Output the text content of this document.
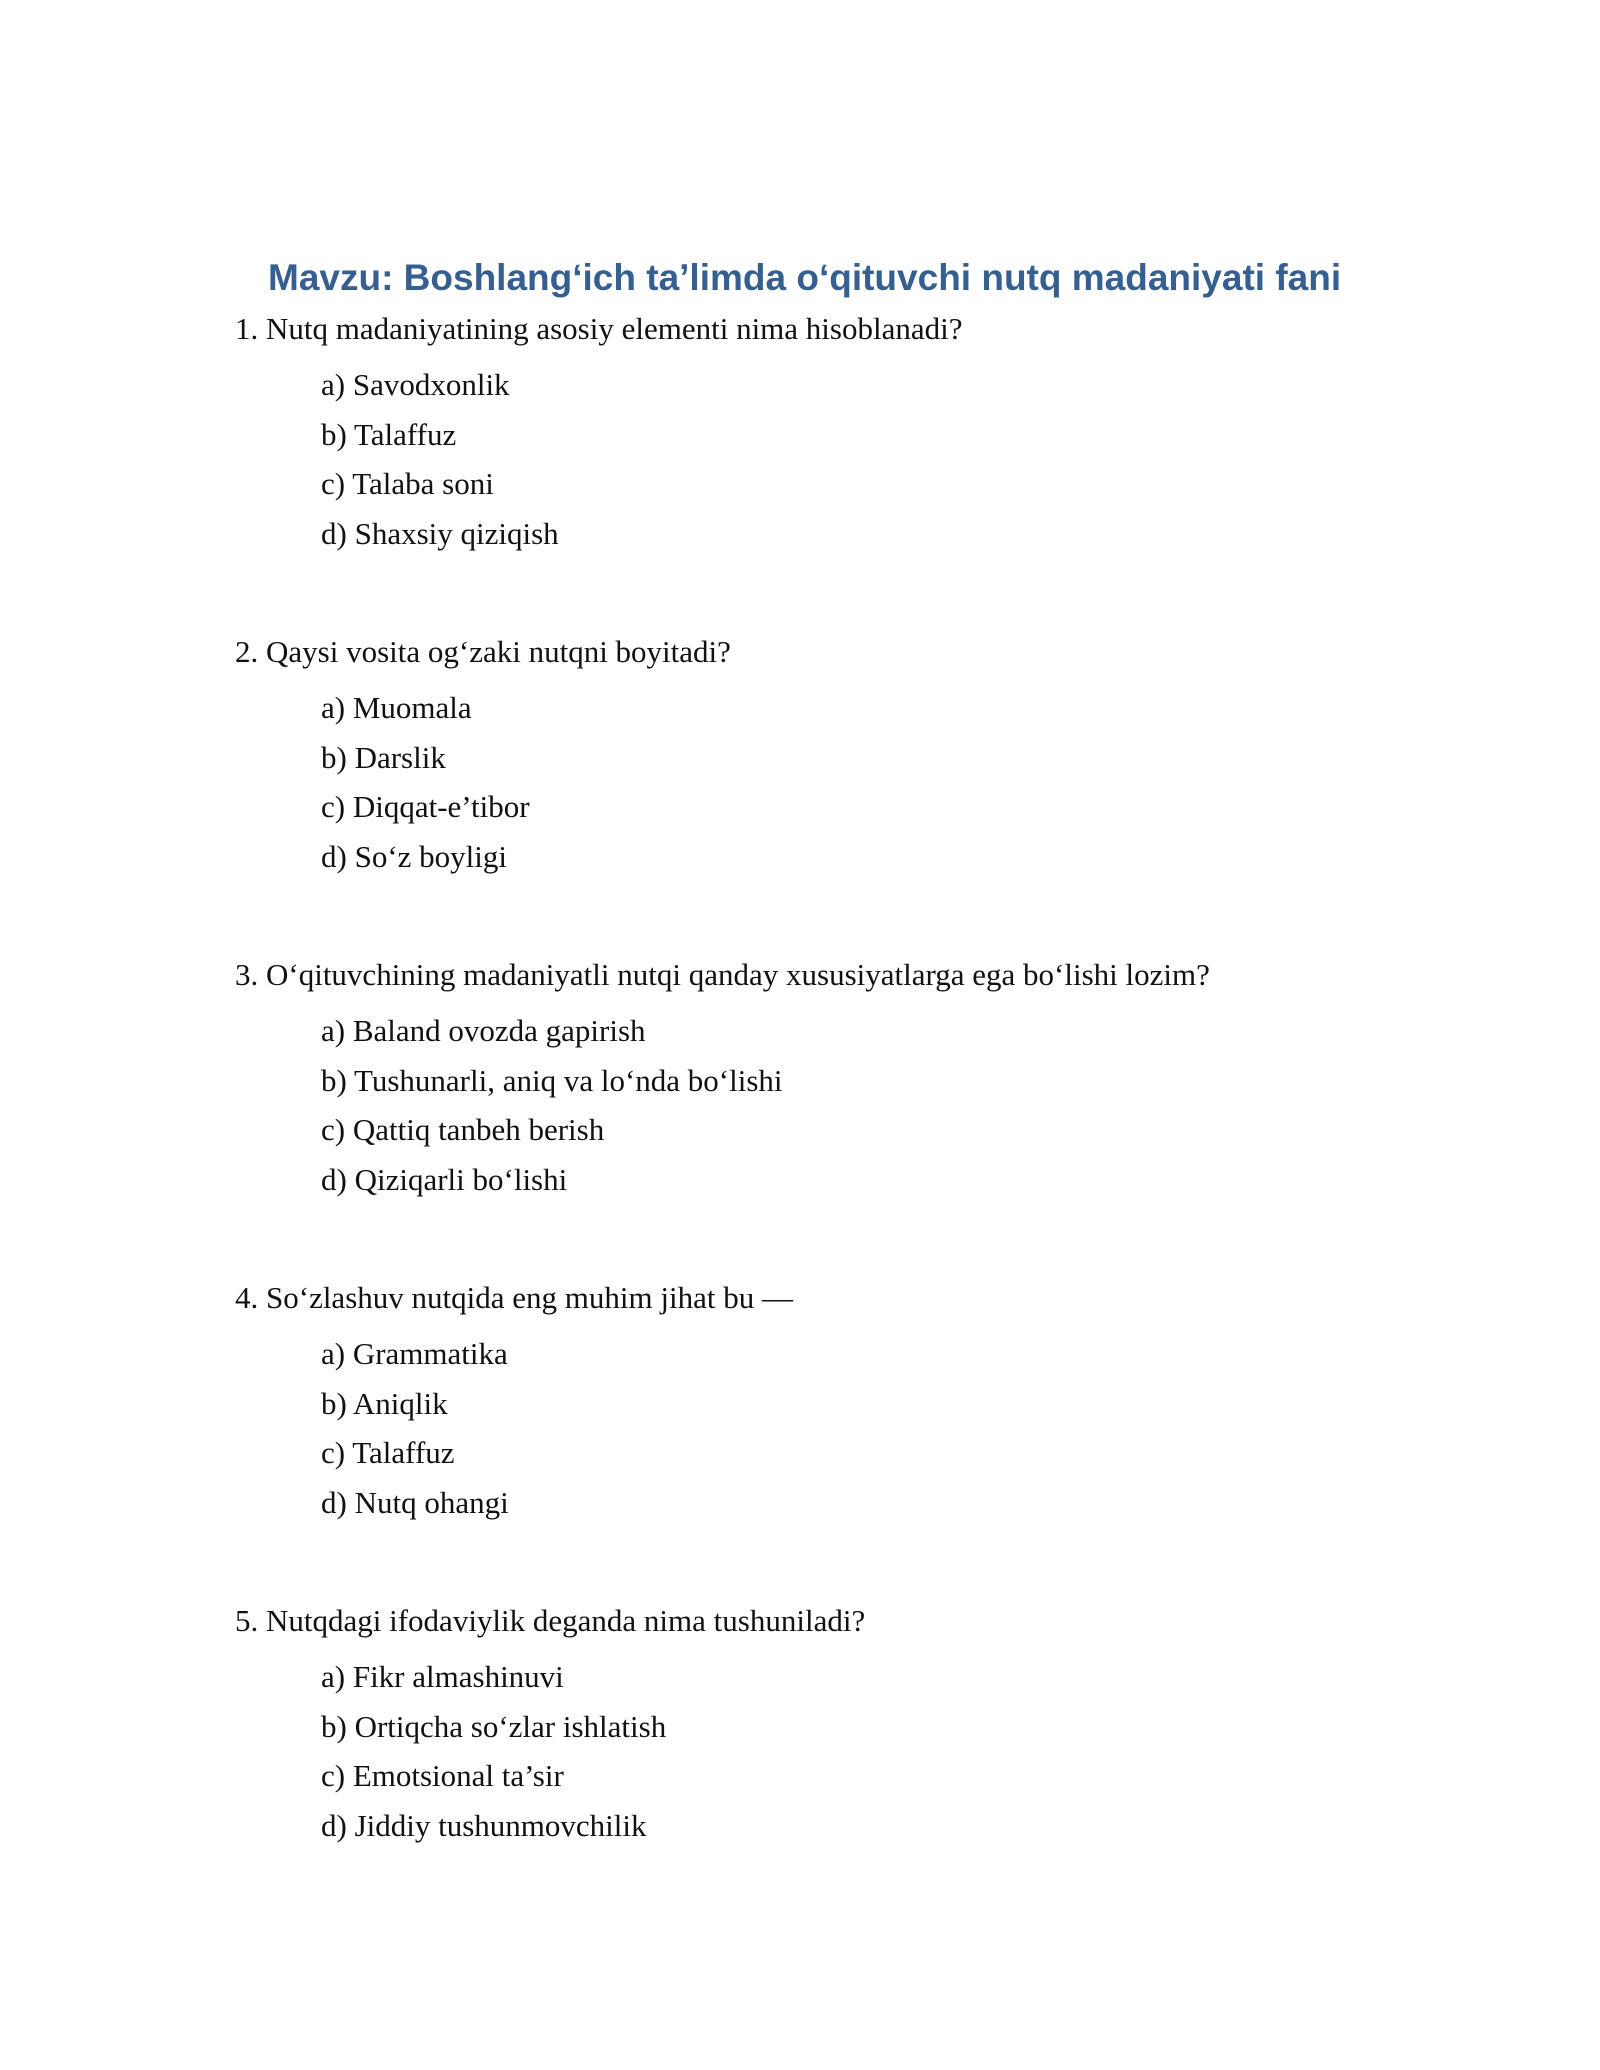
Mavzu: Boshlang‘ich ta’limda o‘qituvchi nutq madaniyati fani

1. Nutq madaniyatining asosiy elementi nima hisoblanadi?

a) Savodxonlik
b) Talaffuz
c) Talaba soni
d) Shaxsiy qiziqish

2. Qaysi vosita og‘zaki nutqni boyitadi?

a) Muomala
b) Darslik
c) Diqqat-e’tibor
d) So‘z boyligi

3. O‘qituvchining madaniyatli nutqi qanday xususiyatlarga ega bo‘lishi lozim?

a) Baland ovozda gapirish
b) Tushunarli, aniq va lo‘nda bo‘lishi
c) Qattiq tanbeh berish
d) Qiziqarli bo‘lishi

4. So‘zlashuv nutqida eng muhim jihat bu —

a) Grammatika
b) Aniqlik
c) Talaffuz
d) Nutq ohangi

5. Nutqdagi ifodaviylik deganda nima tushuniladi?

a) Fikr almashinuvi
b) Ortiqcha so‘zlar ishlatish
c) Emotsional ta’sir
d) Jiddiy tushunmovchilik
